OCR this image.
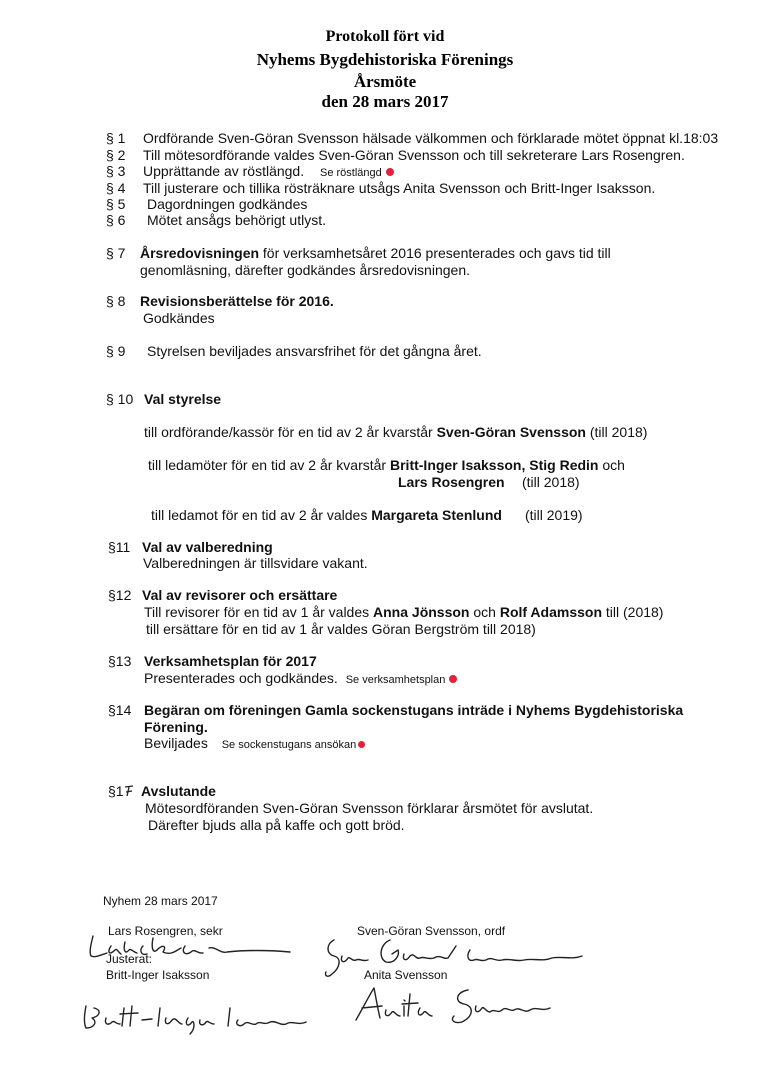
Protokoll fört vid
Nyhems Bygdehistoriska Förenings
Årsmöte
den 28 mars 2017
§ 1 Ordförande Sven-Göran Svensson hälsade välkommen och förklarade mötet öppnat kl.18:03
§ 2 Till mötesordförande valdes Sven-Göran Svensson och till sekreterare Lars Rosengren.
§ 3 Upprättande av röstlängd. Se röstlängd
§ 4 Till justerare och tillika rösträknare utsågs Anita Svensson och Britt-Inger Isaksson.
§ 5 Dagordningen godkändes
§ 6 Mötet ansågs behörigt utlyst.
§ 7 Årsredovisningen för verksamhetsåret 2016 presenterades och gavs tid till
genomläsning, därefter godkändes årsredovisningen.
§ 8 Revisionsberättelse för 2016.
Godkändes
§ 9 Styrelsen beviljades ansvarsfrihet för det gångna året.
§ 10 Val styrelse
till ordförande/kassör för en tid av 2 år kvarstår Sven-Göran Svensson (till 2018)
till ledamöter för en tid av 2 år kvarstår Britt-Inger Isaksson, Stig Redin och
Lars Rosengren (till 2018)
till ledamot för en tid av 2 år valdes Margareta Stenlund (till 2019)
§11 Val av valberedning
Valberedningen är tillsvidare vakant.
§12 Val av revisorer och ersättare
Till revisorer för en tid av 1 år valdes Anna Jönsson och Rolf Adamsson till (2018)
till ersättare för en tid av 1 år valdes Göran Bergström till 2018)
§13 Verksamhetsplan för 2017
Presenterades och godkändes. Se verksamhetsplan
§14 Begäran om föreningen Gamla sockenstugans inträde i Nyhems Bygdehistoriska
Förening.
Beviljades Se sockenstugans ansökan
§1	Avslutande
Mötesordföranden Sven-Göran Svensson förklarar årsmötet för avslutat.
Därefter bjuds alla på kaffe och gott bröd.
Nyhem 28 mars 2017
Lars Rosengren, sekr	Sven-Göran Svensson, ordf
Justerat:
Britt-Inger Isaksson	Anita Svensson
